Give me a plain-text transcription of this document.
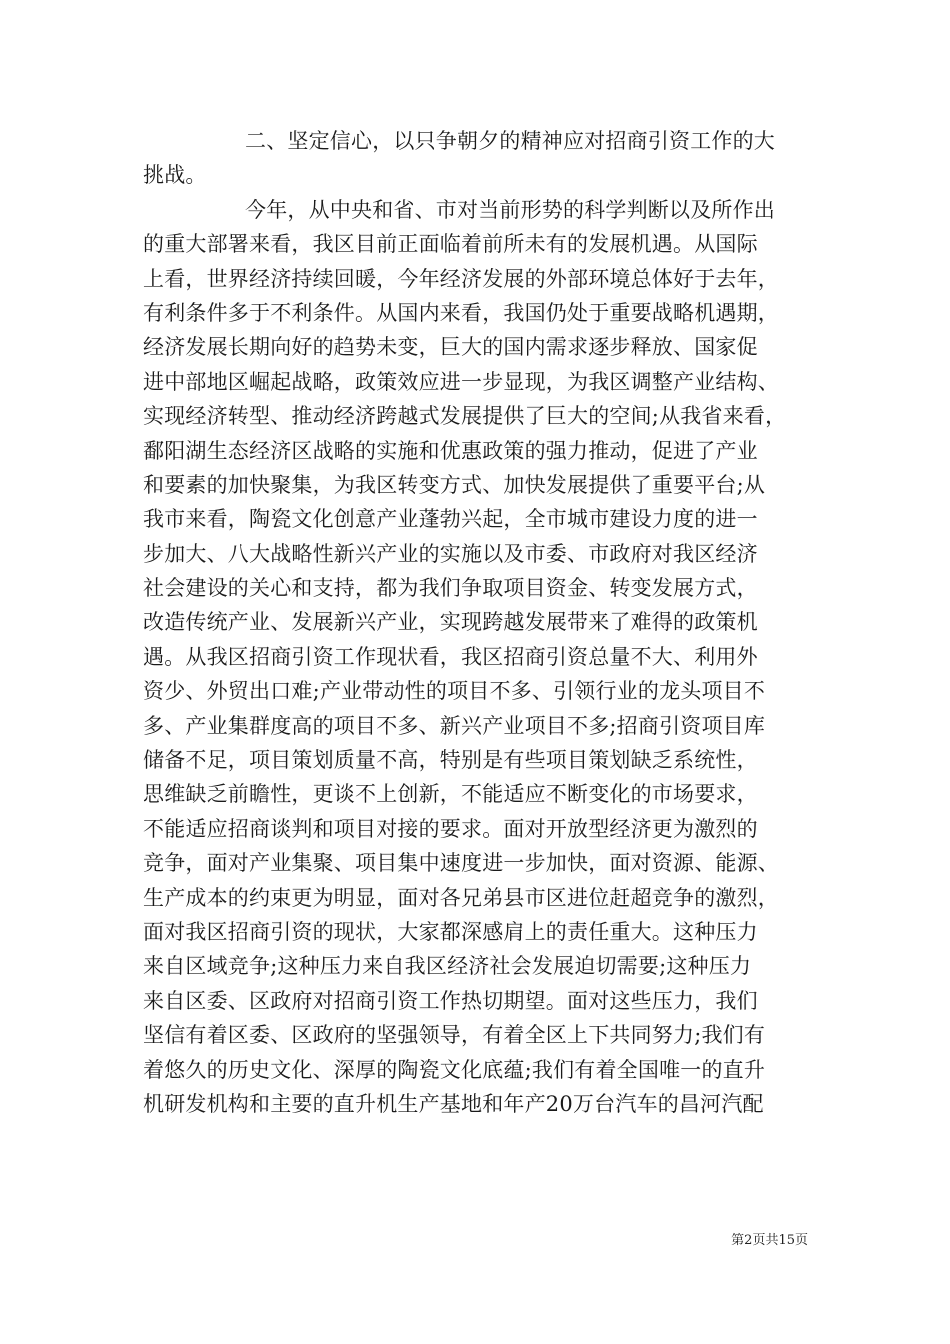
二、坚定信心，以只争朝夕的精神应对招商引资工作的大
挑战。
今年，从中央和省、市对当前形势的科学判断以及所作出
的重大部署来看，我区目前正面临着前所未有的发展机遇。从国际
上看，世界经济持续回暖，今年经济发展的外部环境总体好于去年，
有利条件多于不利条件。从国内来看，我国仍处于重要战略机遇期，
经济发展长期向好的趋势未变，巨大的国内需求逐步释放、国家促
进中部地区崛起战略，政策效应进一步显现，为我区调整产业结构、
实现经济转型、推动经济跨越式发展提供了巨大的空间;从我省来看，
鄱阳湖生态经济区战略的实施和优惠政策的强力推动，促进了产业
和要素的加快聚集，为我区转变方式、加快发展提供了重要平台;从
我市来看，陶瓷文化创意产业蓬勃兴起，全市城市建设力度的进一
步加大、八大战略性新兴产业的实施以及市委、市政府对我区经济
社会建设的关心和支持，都为我们争取项目资金、转变发展方式，
改造传统产业、发展新兴产业，实现跨越发展带来了难得的政策机
遇。从我区招商引资工作现状看，我区招商引资总量不大、利用外
资少、外贸出口难;产业带动性的项目不多、引领行业的龙头项目不
多、产业集群度高的项目不多、新兴产业项目不多;招商引资项目库
储备不足，项目策划质量不高，特别是有些项目策划缺乏系统性，
思维缺乏前瞻性，更谈不上创新，不能适应不断变化的市场要求，
不能适应招商谈判和项目对接的要求。面对开放型经济更为激烈的
竞争，面对产业集聚、项目集中速度进一步加快，面对资源、能源、
生产成本的约束更为明显，面对各兄弟县市区进位赶超竞争的激烈，
面对我区招商引资的现状，大家都深感肩上的责任重大。这种压力
来自区域竞争;这种压力来自我区经济社会发展迫切需要;这种压力
来自区委、区政府对招商引资工作热切期望。面对这些压力，我们
坚信有着区委、区政府的坚强领导，有着全区上下共同努力;我们有
着悠久的历史文化、深厚的陶瓷文化底蕴;我们有着全国唯一的直升
机研发机构和主要的直升机生产基地和年产20万台汽车的昌河汽配
第2页共15页
